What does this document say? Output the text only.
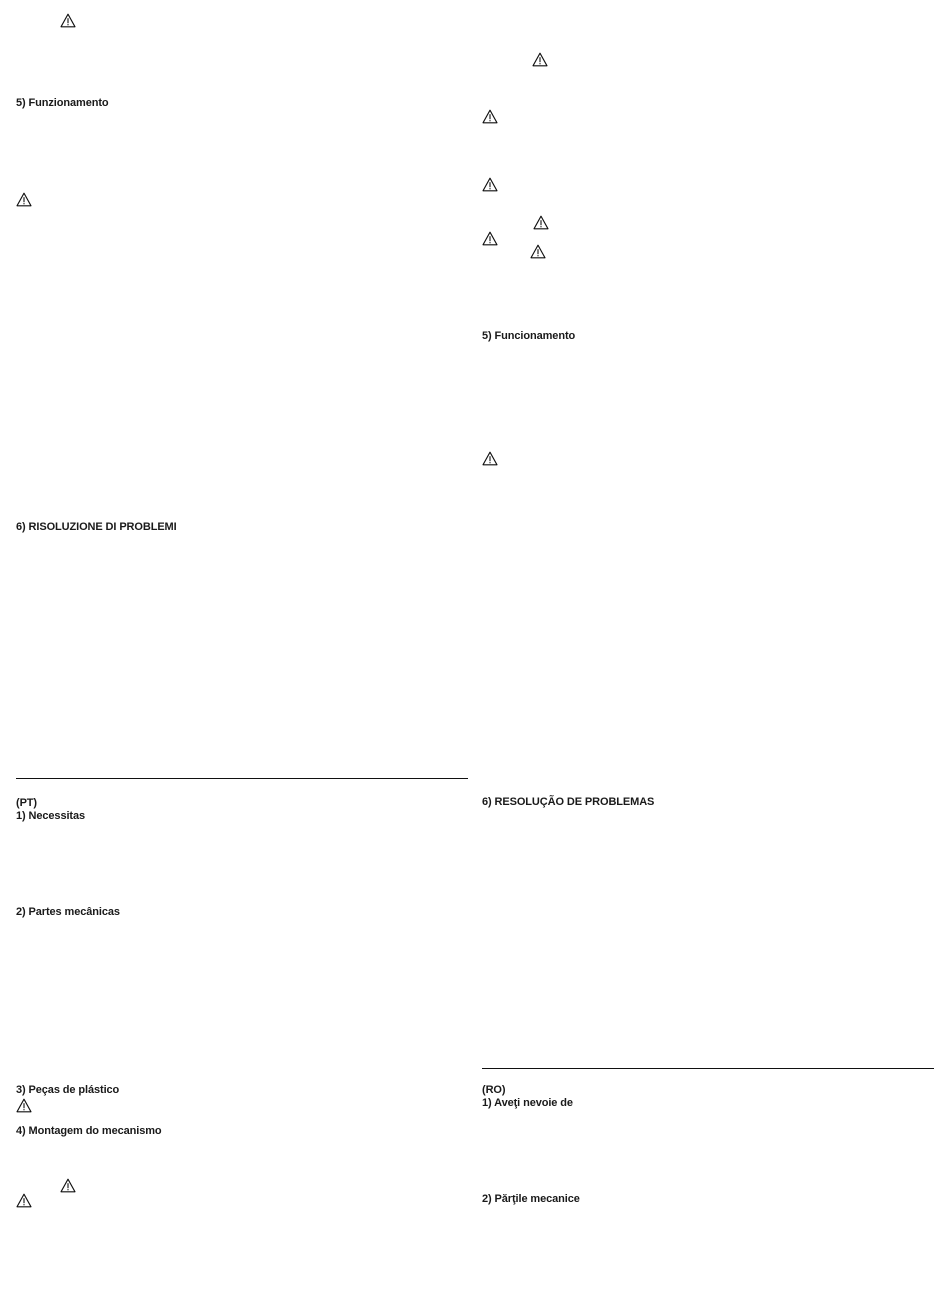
5) Funzionamento
6) RISOLUZIONE DI PROBLEMI
(PT)
1) Necessitas
2) Partes mecânicas
3) Peças de plástico
4) Montagem do mecanismo
5) Funcionamento
6) RESOLUÇÃO DE PROBLEMAS
(RO)
1) Aveţi nevoie de
2) Părţile mecanice
